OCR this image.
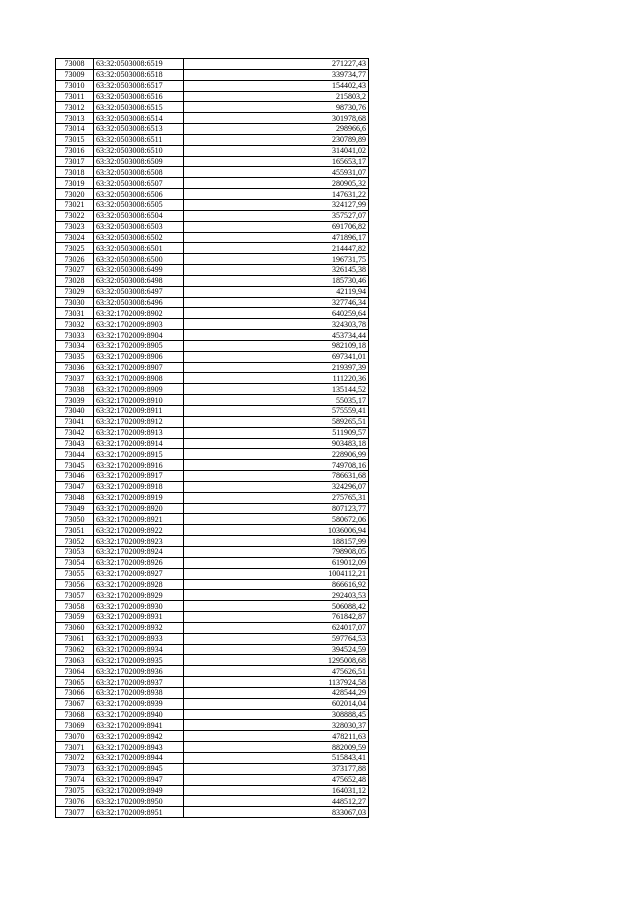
73008	63:32:0503008:6519	271227,43
73009	63:32:0503008:6518	339734,77
73010	63:32:0503008:6517	154402,43
73011	63:32:0503008:6516	215803,2
73012	63:32:0503008:6515	98730,76
73013	63:32:0503008:6514	301978,68
73014	63:32:0503008:6513	298966,6
73015	63:32:0503008:6511	230789,89
73016	63:32:0503008:6510	314041,02
73017	63:32:0503008:6509	165653,17
73018	63:32:0503008:6508	455931,07
73019	63:32:0503008:6507	280905,32
73020	63:32:0503008:6506	147631,22
73021	63:32:0503008:6505	324127,99
73022	63:32:0503008:6504	357527,07
73023	63:32:0503008:6503	691706,82
73024	63:32:0503008:6502	471896,17
73025	63:32:0503008:6501	214447,82
73026	63:32:0503008:6500	196731,75
73027	63:32:0503008:6499	326145,38
73028	63:32:0503008:6498	185730,46
73029	63:32:0503008:6497	42119,94
73030	63:32:0503008:6496	327746,34
73031	63:32:1702009:8902	640259,64
73032	63:32:1702009:8903	324303,78
73033	63:32:1702009:8904	453734,44
73034	63:32:1702009:8905	982109,18
73035	63:32:1702009:8906	697341,01
73036	63:32:1702009:8907	219397,39
73037	63:32:1702009:8908	111220,36
73038	63:32:1702009:8909	135144,52
73039	63:32:1702009:8910	55035,17
73040	63:32:1702009:8911	575559,41
73041	63:32:1702009:8912	589265,51
73042	63:32:1702009:8913	511909,57
73043	63:32:1702009:8914	903483,18
73044	63:32:1702009:8915	228906,99
73045	63:32:1702009:8916	749708,16
73046	63:32:1702009:8917	786631,68
73047	63:32:1702009:8918	324296,07
73048	63:32:1702009:8919	275765,31
73049	63:32:1702009:8920	807123,77
73050	63:32:1702009:8921	580672,06
73051	63:32:1702009:8922	1036006,94
73052	63:32:1702009:8923	188157,99
73053	63:32:1702009:8924	798908,05
73054	63:32:1702009:8926	619012,09
73055	63:32:1702009:8927	1004112,21
73056	63:32:1702009:8928	866616,92
73057	63:32:1702009:8929	292403,53
73058	63:32:1702009:8930	506088,42
73059	63:32:1702009:8931	761842,87
73060	63:32:1702009:8932	624017,07
73061	63:32:1702009:8933	597764,53
73062	63:32:1702009:8934	394524,59
73063	63:32:1702009:8935	1295008,68
73064	63:32:1702009:8936	475626,51
73065	63:32:1702009:8937	1137924,58
73066	63:32:1702009:8938	428544,29
73067	63:32:1702009:8939	602014,04
73068	63:32:1702009:8940	308888,45
73069	63:32:1702009:8941	328030,37
73070	63:32:1702009:8942	478211,63
73071	63:32:1702009:8943	882009,59
73072	63:32:1702009:8944	515843,41
73073	63:32:1702009:8945	373177,88
73074	63:32:1702009:8947	475652,48
73075	63:32:1702009:8949	164031,12
73076	63:32:1702009:8950	448512,27
73077	63:32:1702009:8951	833067,03
